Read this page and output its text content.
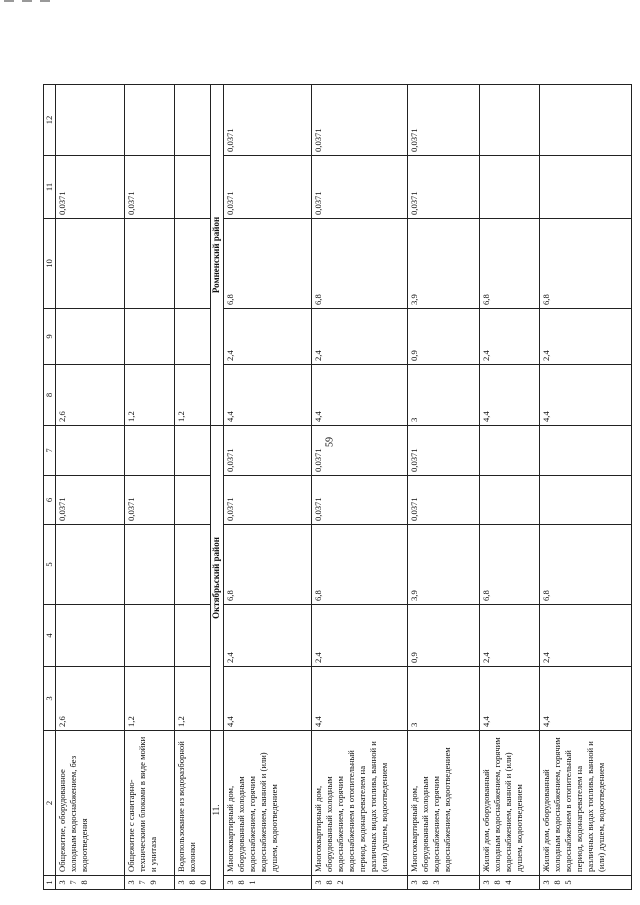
59
1	2	3	4	5	6	7	8	9	10	11	12
378	Общежитие, оборудованное холодным водоснабжением, без водоотведения	2,6			0,0371		2,6			0,0371	
379	Общежитие с санитарно-техническими блоками в виде мойки и унитаза	1,2			0,0371		1,2			0,0371	
380	Водопользование из водоразборной колонки	1,2					1,2				
11.		Октябрьский район					Ромненский район				
381	Многоквартирный дом, оборудованный холодным водоснабжением, горячим водоснабжением, ванной и (или) душем, водоотведением	4,4	2,4	6,8	0,0371	0,0371	4,4	2,4	6,8	0,0371	0,0371
382	Многоквартирный дом, оборудованный холодным водоснабжением, горячим водоснабжением в отопительный период, водонагревателем на различных видах топлива, ванной и (или) душем, водоотведением	4,4	2,4	6,8	0,0371	0,0371	4,4	2,4	6,8	0,0371	0,0371
383	Многоквартирный дом, оборудованный холодным водоснабжением, горячим водоснабжением, водоотведением	3	0,9	3,9	0,0371	0,0371	3	0,9	3,9	0,0371	0,0371
384	Жилой дом, оборудованный холодным водоснабжением, горячим водоснабжением, ванной и (или) душем, водоотведением	4,4	2,4	6,8			4,4	2,4	6,8		
385	Жилой дом, оборудованный холодным водоснабжением, горячим водоснабжением в отопительный период, водонагревателем на различных видах топлива, ванной и (или) душем, водоотведением	4,4	2,4	6,8			4,4	2,4	6,8		
